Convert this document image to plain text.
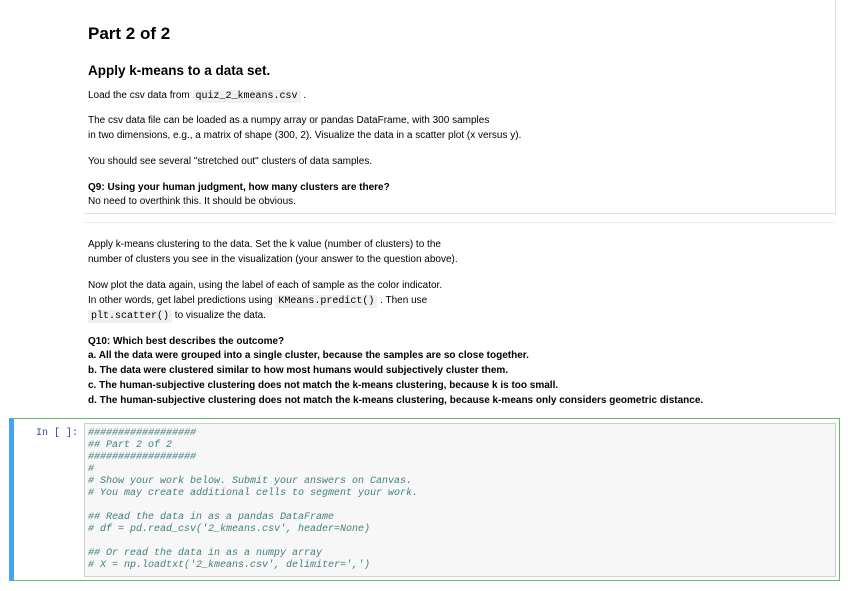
Part 2 of 2
Apply k-means to a data set.
Load the csv data from quiz_2_kmeans.csv .
The csv data file can be loaded as a numpy array or pandas DataFrame, with 300 samples
in two dimensions, e.g., a matrix of shape (300, 2). Visualize the data in a scatter plot (x versus y).
You should see several "stretched out" clusters of data samples.
Q9: Using your human judgment, how many clusters are there?
No need to overthink this. It should be obvious.
Apply k-means clustering to the data. Set the k value (number of clusters) to the
number of clusters you see in the visualization (your answer to the question above).
Now plot the data again, using the label of each of sample as the color indicator.
In other words, get label predictions using KMeans.predict() . Then use
plt.scatter() to visualize the data.
Q10: Which best describes the outcome?
a. All the data were grouped into a single cluster, because the samples are so close together.
b. The data were clustered similar to how most humans would subjectively cluster them.
c. The human-subjective clustering does not match the k-means clustering, because k is too small.
d. The human-subjective clustering does not match the k-means clustering, because k-means only considers geometric distance.
In [ ]: ##################
## Part 2 of 2
##################
#
# Show your work below. Submit your answers on Canvas.
# You may create additional cells to segment your work.
## Read the data in as a pandas DataFrame
# df = pd.read_csv('2_kmeans.csv', header=None)
## Or read the data in as a numpy array
# X = np.loadtxt('2_kmeans.csv', delimiter=',')
